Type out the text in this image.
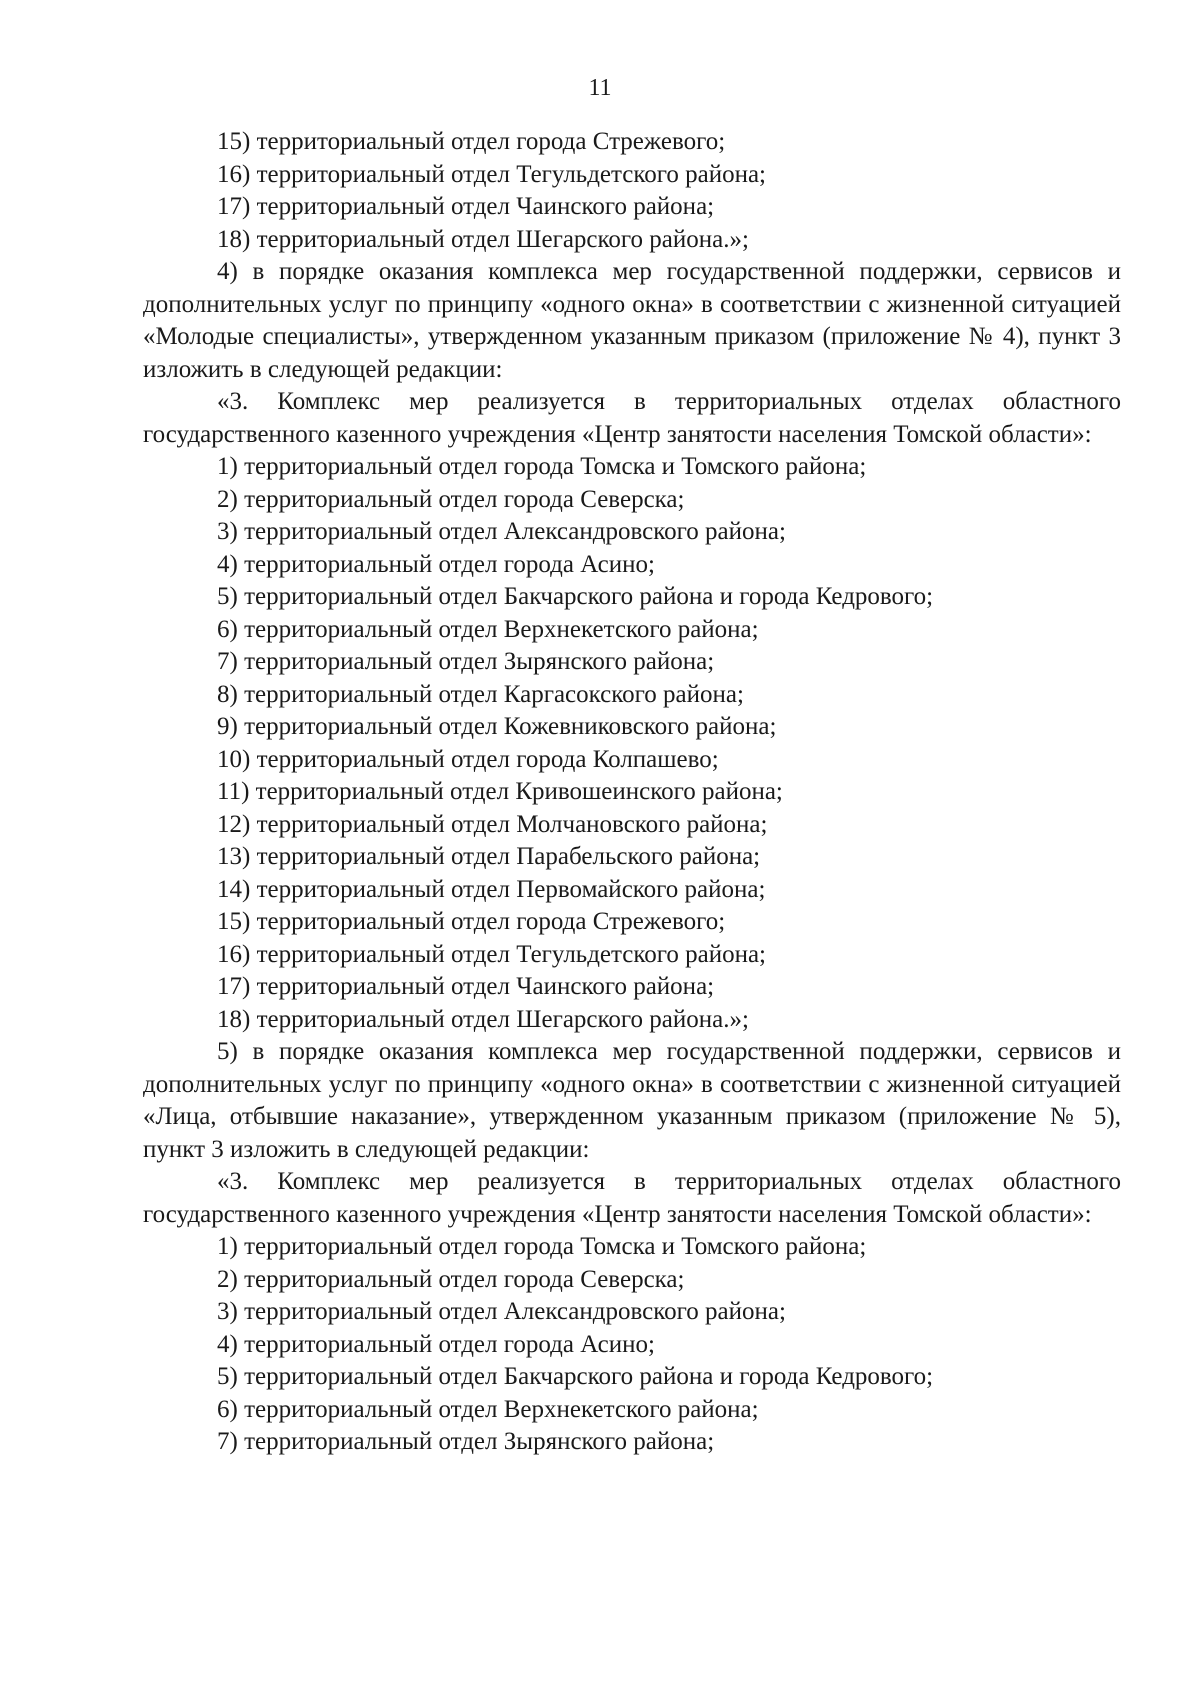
11

15) территориальный отдел города Стрежевого;

16) территориальный отдел Тегульдетского района;

17) территориальный отдел Чаинского района;

18) территориальный отдел Шегарского района.»;

4) в порядке оказания комплекса мер государственной поддержки, сервисов и дополнительных услуг по принципу «одного окна» в соответствии с жизненной ситуацией «Молодые специалисты», утвержденном указанным приказом (приложение № 4), пункт 3 изложить в следующей редакции:

«3. Комплекс мер реализуется в территориальных отделах областного государственного казенного учреждения «Центр занятости населения Томской области»:

1) территориальный отдел города Томска и Томского района;

2) территориальный отдел города Северска;

3) территориальный отдел Александровского района;

4) территориальный отдел города Асино;

5) территориальный отдел Бакчарского района и города Кедрового;

6) территориальный отдел Верхнекетского района;

7) территориальный отдел Зырянского района;

8) территориальный отдел Каргасокского района;

9) территориальный отдел Кожевниковского района;

10) территориальный отдел города Колпашево;

11) территориальный отдел Кривошеинского района;

12) территориальный отдел Молчановского района;

13) территориальный отдел Парабельского района;

14) территориальный отдел Первомайского района;

15) территориальный отдел города Стрежевого;

16) территориальный отдел Тегульдетского района;

17) территориальный отдел Чаинского района;

18) территориальный отдел Шегарского района.»;

5) в порядке оказания комплекса мер государственной поддержки, сервисов и дополнительных услуг по принципу «одного окна» в соответствии с жизненной ситуацией «Лица, отбывшие наказание», утвержденном указанным приказом (приложение № 5), пункт 3 изложить в следующей редакции:

«3. Комплекс мер реализуется в территориальных отделах областного государственного казенного учреждения «Центр занятости населения Томской области»:

1) территориальный отдел города Томска и Томского района;

2) территориальный отдел города Северска;

3) территориальный отдел Александровского района;

4) территориальный отдел города Асино;

5) территориальный отдел Бакчарского района и города Кедрового;

6) территориальный отдел Верхнекетского района;

7) территориальный отдел Зырянского района;
